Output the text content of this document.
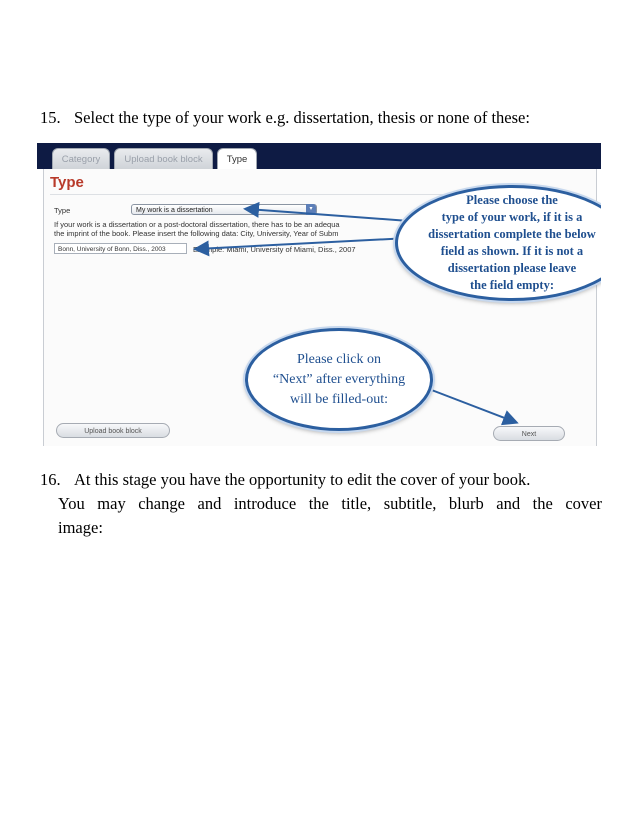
15. Select the type of your work e.g. dissertation, thesis or none of these:
Category	Upload book block	Type
Type
Type	My work is a dissertation	▾
If your work is a dissertation or a post-doctoral dissertation, there has to be an adequa
the imprint of the book. Please insert the following data: City, University, Year of Subm
Bonn, University of Bonn, Diss., 2003	Example: Miami, University of Miami, Diss., 2007
Upload book block	Next
Please choose the
type of your work, if it is a
dissertation complete the below
field as shown. If it is not a
dissertation please leave
the field empty:
Please click on
“Next” after everything
will be filled-out:
16. At this stage you have the opportunity to edit the cover of your book.
You may change and introduce the title, subtitle, blurb and the cover
image:
